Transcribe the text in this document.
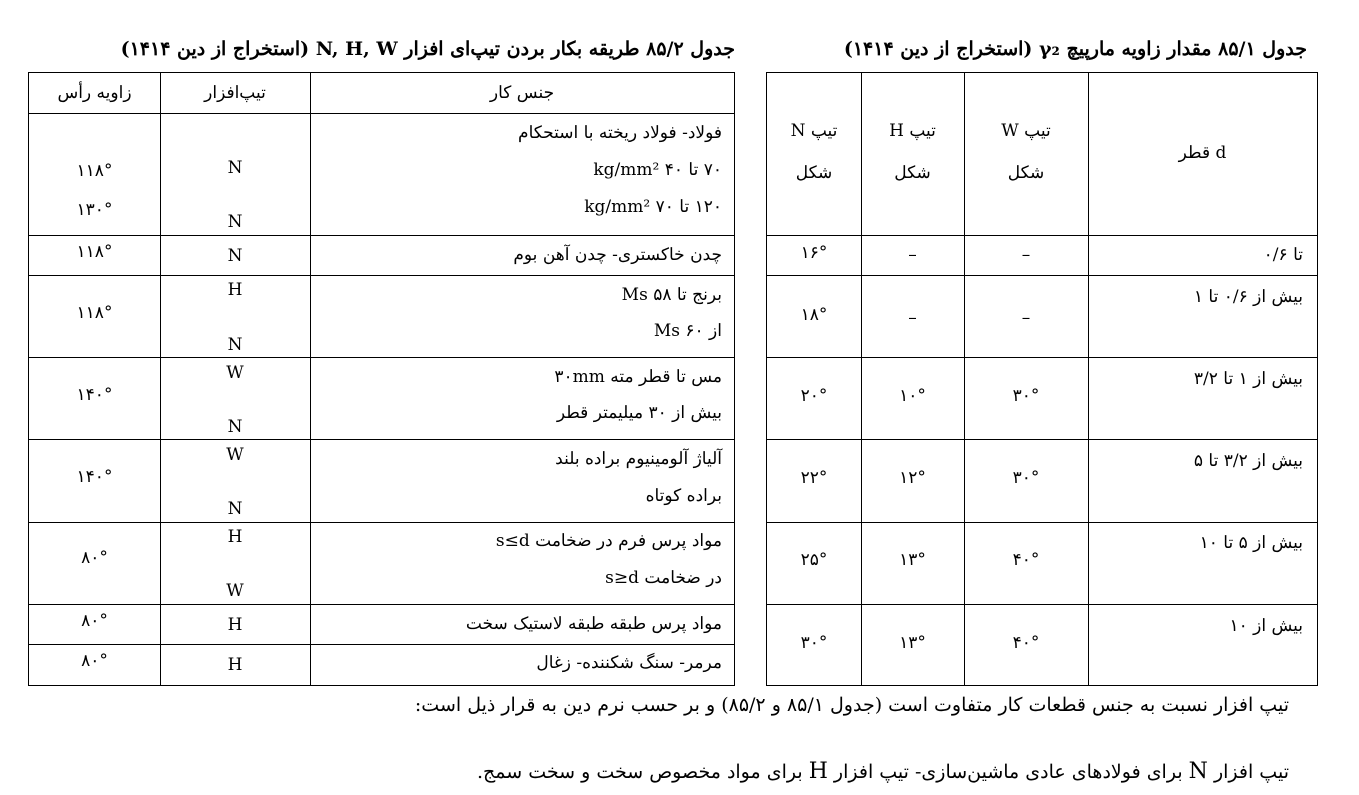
جدول ۸۵/۱ مقدار زاویه مارپیچ γ₂ (استخراج از دین ۱۴۱۴)
جدول ۸۵/۲ طریقه بکار بردن تیپ‌ای افزار N, H, W (استخراج از دین ۱۴۱۴)
جنس کار
تیپ‌افزار
زاویه رأس
فولاد- فولاد ریخته با استحکام
۷۰ تا ۴۰ kg/mm²
۱۲۰ تا ۷۰ kg/mm²
N
N
۱۱۸°
۱۳۰°
چدن خاکستری- چدن آهن بوم
N
۱۱۸°
برنج تا Ms ۵۸
از Ms ۶۰
H
N
۱۱۸°
مس تا قطر مته ۳۰mm
بیش از ۳۰ میلیمتر قطر
W
N
۱۴۰°
آلیاژ آلومینیوم براده بلند
براده کوتاه
W
N
۱۴۰°
مواد پرس فرم در ضخامت s≤d
در ضخامت s≥d
H
W
۸۰°
مواد پرس طبقه طبقه لاستیک سخت
H
۸۰°
مرمر- سنگ شکننده- زغال
H
۸۰°
قطر d
W تیپ
شکل
H تیپ
شکل
N تیپ
شکل
تا ۰/۶
–
–
۱۶°
بیش از ۰/۶ تا ۱
–
–
۱۸°
بیش از ۱ تا ۳/۲
۳۰°
۱۰°
۲۰°
بیش از ۳/۲ تا ۵
۳۰°
۱۲°
۲۲°
بیش از ۵ تا ۱۰
۴۰°
۱۳°
۲۵°
بیش از ۱۰
۴۰°
۱۳°
۳۰°
تیپ افزار نسبت به جنس قطعات کار متفاوت است (جدول ۸۵/۱ و ۸۵/۲) و بر حسب نرم دین به قرار ذیل است:
تیپ افزار N برای فولادهای عادی ماشین‌سازی- تیپ افزار H برای مواد مخصوص سخت و سخت سمج.
